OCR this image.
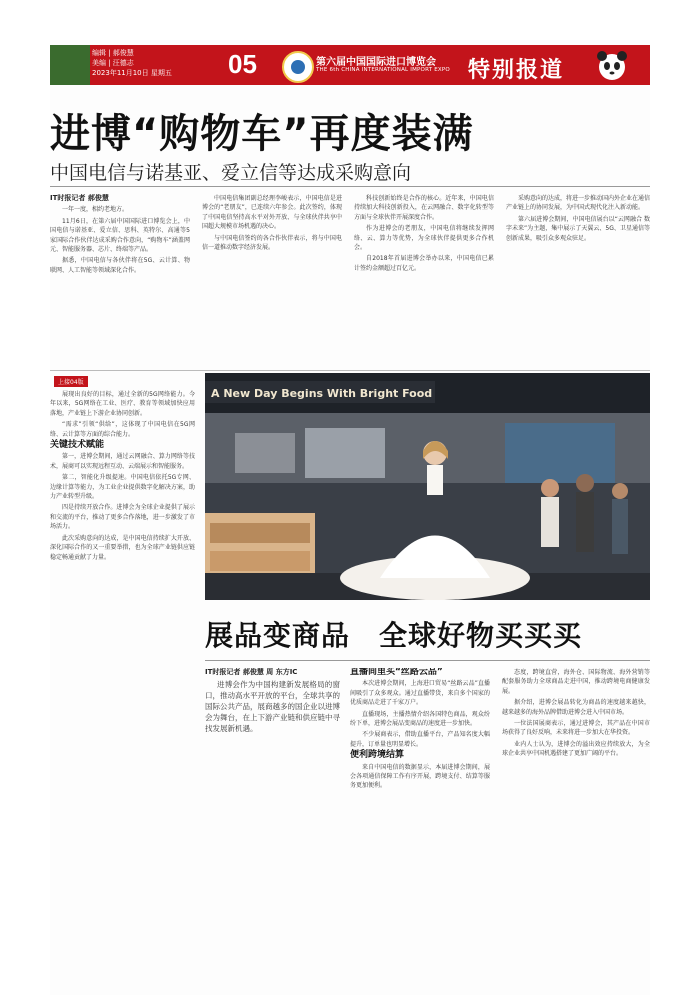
编辑 | 郝俊慧
美编 | 汪德志
2023年11月10日 星期五	05	第六届中国国际进口博览会
THE 6th CHINA INTERNATIONAL IMPORT EXPO 特别报道
进博“购物车”再度装满
中国电信与诺基亚、爱立信等达成采购意向

IT时报记者 郝俊慧

一年一度，相约老地方。

11月6日，在第六届中国国际进口博览会上，中国电信与诺基亚、爱立信、思科、英特尔、高通等5家国际合作伙伴达成采购合作意向，“购物车”涵盖网元、智能服务器、芯片、终端等产品。

据悉，中国电信与各伙伴将在5G、云计算、物联网、人工智能等领域深化合作。

中国电信集团副总经理李峻表示，中国电信是进博会的“老朋友”，已连续六年参会。此次签约，体现了中国电信坚持高水平对外开放、与全球伙伴共享中国超大规模市场机遇的决心。

与中国电信签约的各合作伙伴表示，将与中国电信一道推动数字经济发展。

科技创新始终是合作的核心。近年来，中国电信持续加大科技创新投入，在云网融合、数字化转型等方面与全球伙伴开展深度合作。

作为进博会的老朋友，中国电信将继续发挥网络、云、算力等优势，为全球伙伴提供更多合作机会。

自2018年首届进博会举办以来，中国电信已累计签约金额超过百亿元。

采购意向的达成，将进一步推动国内外企业在通信产业链上的协同发展，为中国式现代化注入新动能。

第六届进博会期间，中国电信展台以“云网融合 数字未来”为主题，集中展示了天翼云、5G、卫星通信等创新成果，吸引众多观众驻足。

上接04版

展现出良好的目标，通过全新的5G网络能力。今年以来，5G网络在工业、医疗、教育等领域加快应用落地，产业链上下游企业协同创新。

“需求”引领“供给”，这体现了中国电信在5G网络、云计算等方面的综合能力。

关键技术赋能

第一，进博会期间，通过云网融合、算力网络等技术，展商可以实现远程互动、云端展示和智能服务。

第二，智能化升级提速。中国电信依托5G专网、边缘计算等能力，为工业企业提供数字化解决方案，助力产业转型升级。

四是持续开放合作。进博会为全球企业提供了展示和交流的平台，推动了更多合作落地，进一步激发了市场活力。

此次采购意向的达成，是中国电信持续扩大开放、深化国际合作的又一重要举措，也为全球产业链供应链稳定畅通贡献了力量。

A New Day Begins With Bright Food
展品变商品　全球好物买买买

IT时报记者 郝俊慧 周 东方IC

进博会作为中国构建新发展格局的窗口，推动高水平开放的平台，全球共享的国际公共产品，展商越多的国企业以进博会为舞台，在上下游产业链和供应链中寻找发展新机遇。

直播间里买“丝路云品”

本次进博会期间，上海进口贸易“丝路云品”直播间吸引了众多观众。通过直播带货，来自多个国家的优质商品走进了千家万户。

直播现场，主播热情介绍各国特色商品，观众纷纷下单，进博会展品变商品的速度进一步加快。

不少展商表示，借助直播平台，产品知名度大幅提升，订单量也明显增长。

便利跨境结算

来自中国电信的数据显示，本届进博会期间，展会各项通信保障工作有序开展，跨境支付、结算等服务更加便利。

态度，跨境直营，海外仓、国际物流、海外营销等配套服务助力全球商品走进中国，推动跨境电商健康发展。

据介绍，进博会展品转化为商品的速度越来越快，越来越多的海外品牌借助进博会进入中国市场。

一位法国展商表示，通过进博会，其产品在中国市场获得了良好反响，未来将进一步加大在华投资。

业内人士认为，进博会的溢出效应持续放大，为全球企业共享中国机遇搭建了更加广阔的平台。
